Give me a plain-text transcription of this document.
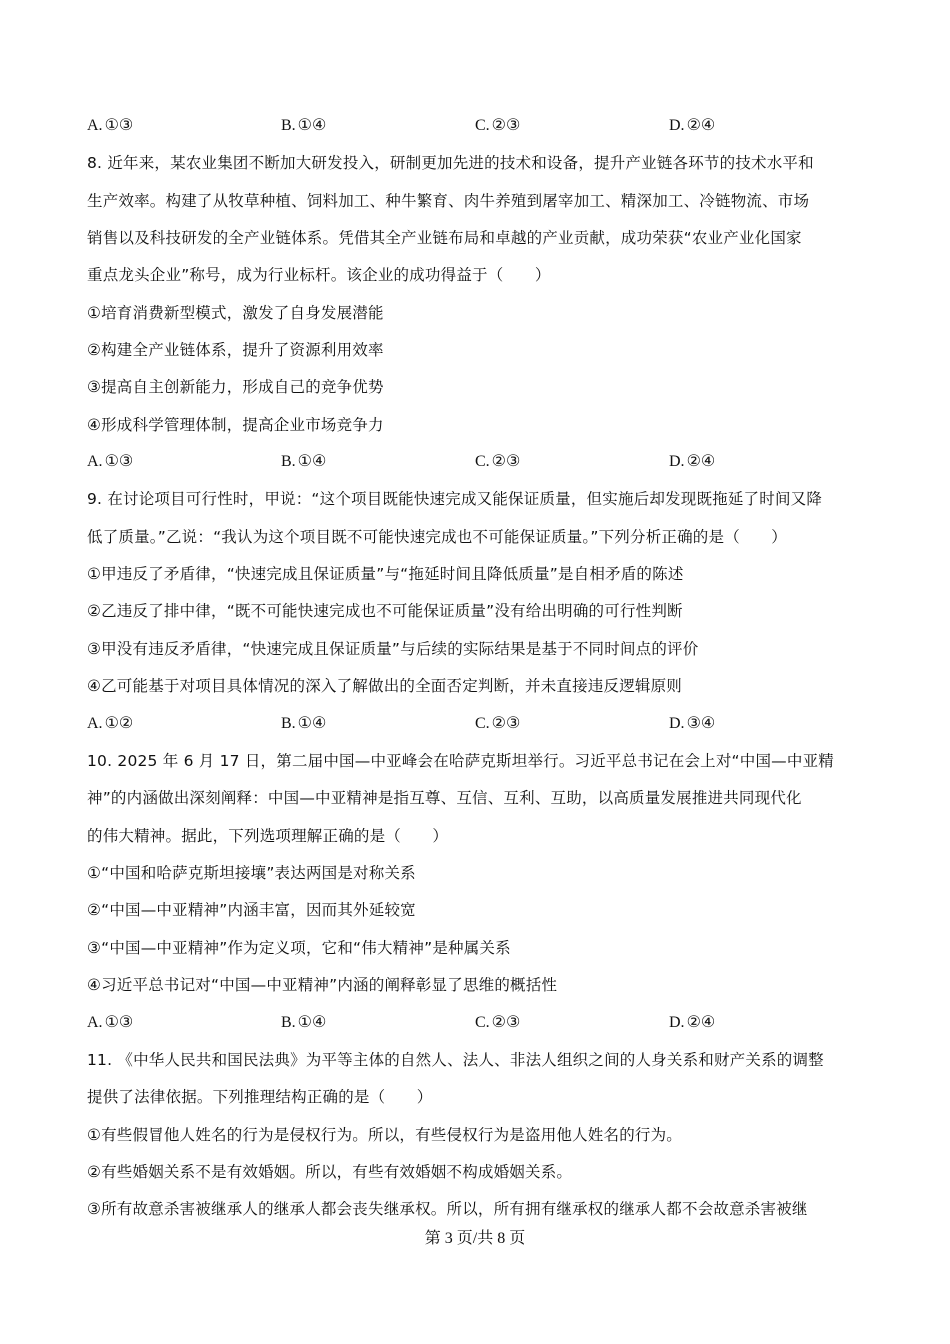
A. ①③	B. ①④	C. ②③	D. ②④
8. 近年来，某农业集团不断加大研发投入，研制更加先进的技术和设备，提升产业链各环节的技术水平和
生产效率。构建了从牧草种植、饲料加工、种牛繁育、肉牛养殖到屠宰加工、精深加工、冷链物流、市场
销售以及科技研发的全产业链体系。凭借其全产业链布局和卓越的产业贡献，成功荣获“农业产业化国家
重点龙头企业”称号，成为行业标杆。该企业的成功得益于（　　）
①培育消费新型模式，激发了自身发展潜能
②构建全产业链体系，提升了资源利用效率
③提高自主创新能力，形成自己的竞争优势
④形成科学管理体制，提高企业市场竞争力
A. ①③	B. ①④	C. ②③	D. ②④
9. 在讨论项目可行性时，甲说：“这个项目既能快速完成又能保证质量，但实施后却发现既拖延了时间又降
低了质量。”乙说：“我认为这个项目既不可能快速完成也不可能保证质量。”下列分析正确的是（　　）
①甲违反了矛盾律，“快速完成且保证质量”与“拖延时间且降低质量”是自相矛盾的陈述
②乙违反了排中律，“既不可能快速完成也不可能保证质量”没有给出明确的可行性判断
③甲没有违反矛盾律，“快速完成且保证质量”与后续的实际结果是基于不同时间点的评价
④乙可能基于对项目具体情况的深入了解做出的全面否定判断，并未直接违反逻辑原则
A. ①②	B. ①④	C. ②③	D. ③④
10. 2025 年 6 月 17 日，第二届中国—中亚峰会在哈萨克斯坦举行。习近平总书记在会上对“中国—中亚精
神”的内涵做出深刻阐释：中国—中亚精神是指互尊、互信、互利、互助，以高质量发展推进共同现代化
的伟大精神。据此，下列选项理解正确的是（　　）
①“中国和哈萨克斯坦接壤”表达两国是对称关系
②“中国—中亚精神”内涵丰富，因而其外延较宽
③“中国—中亚精神”作为定义项，它和“伟大精神”是种属关系
④习近平总书记对“中国—中亚精神”内涵的阐释彰显了思维的概括性
A. ①③	B. ①④	C. ②③	D. ②④
11. 《中华人民共和国民法典》为平等主体的自然人、法人、非法人组织之间的人身关系和财产关系的调整
提供了法律依据。下列推理结构正确的是（　　）
①有些假冒他人姓名的行为是侵权行为。所以，有些侵权行为是盗用他人姓名的行为。
②有些婚姻关系不是有效婚姻。所以，有些有效婚姻不构成婚姻关系。
③所有故意杀害被继承人的继承人都会丧失继承权。所以，所有拥有继承权的继承人都不会故意杀害被继
第 3 页/共 8 页
